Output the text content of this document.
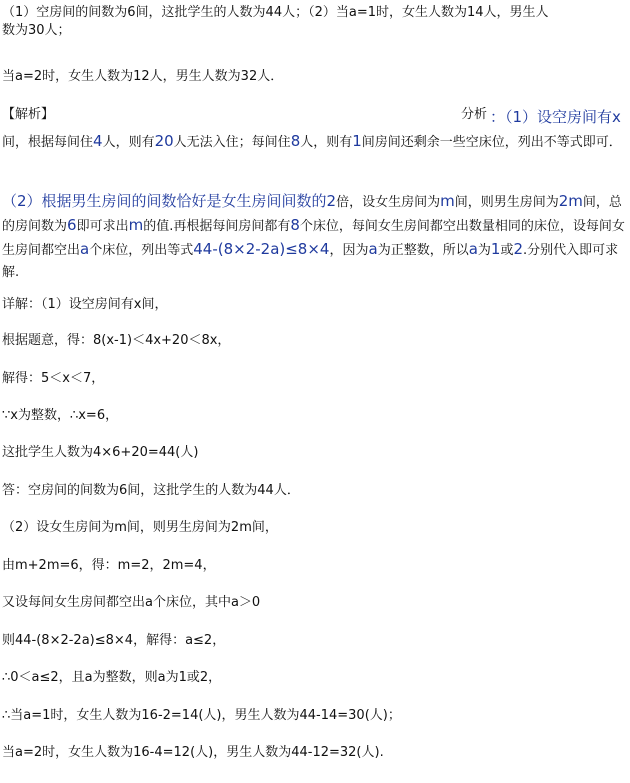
（1）空房间的间数为6间，这批学生的人数为44人；（2）当a=1时，女生人数为14人，男生人
数为30人；
当a=2时，女生人数为12人，男生人数为32人．
【解析】	分析 ：（1）设空房间有x间，根据每间住4人，则有20人无法入住；每间住8人，则有1间房间还剩余一些空床位，列出不等式即可．
（2）根据男生房间的间数恰好是女生房间间数的2倍，设女生房间为m间，则男生房间为2m间，总的房间数为6即可求出m的值.再根据每间房间都有8个床位，每间女生房间都空出数量相同的床位，设每间女生房间都空出a个床位，列出等式44-(8×2-2a)≤8×4，因为a为正整数，所以a为1或2.分别代入即可求解.
详解：（1）设空房间有x间，
根据题意，得：8(x-1)＜4x+20＜8x，
解得：5＜x＜7，
∵x为整数，∴x=6，
这批学生人数为4×6+20=44(人)
答：空房间的间数为6间，这批学生的人数为44人．
（2）设女生房间为m间，则男生房间为2m间，
由m+2m=6，得：m=2，2m=4，
又设每间女生房间都空出a个床位，其中a＞0
则44-(8×2-2a)≤8×4，解得：a≤2，
∴0＜a≤2，且a为整数，则a为1或2，
∴当a=1时，女生人数为16-2=14(人)，男生人数为44-14=30(人)；
当a=2时，女生人数为16-4=12(人)，男生人数为44-12=32(人).
